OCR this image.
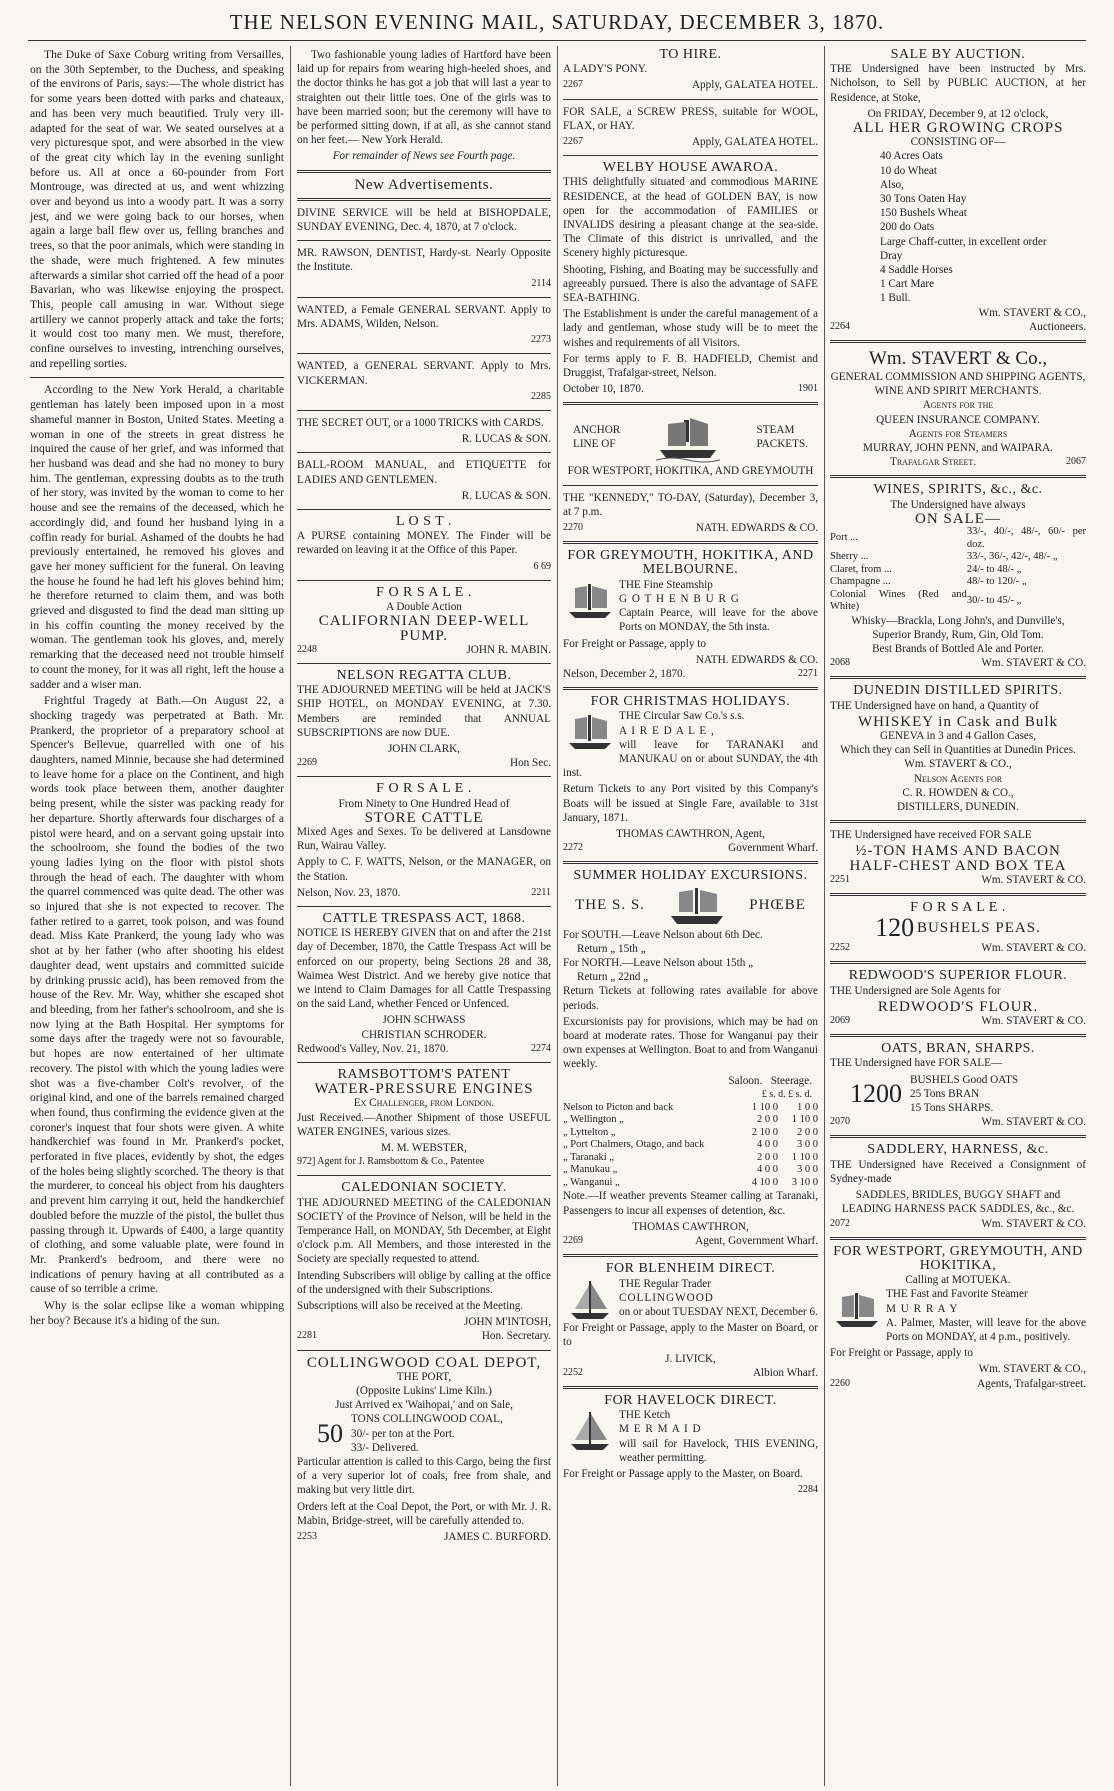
THE NELSON EVENING MAIL, SATURDAY, DECEMBER 3, 1870.

The Duke of Saxe Coburg writing from Versailles, on the 30th September, to the Duchess, and speaking of the environs of Paris, says:—The whole district has for some years been dotted with parks and chateaux, and has been very much beautified. Truly very ill-adapted for the seat of war. We seated ourselves at a very picturesque spot, and were absorbed in the view of the great city which lay in the evening sunlight before us. All at once a 60-pounder from Fort Montrouge, was directed at us, and went whizzing over and beyond us into a woody part. It was a sorry jest, and we were going back to our horses, when again a large ball flew over us, felling branches and trees, so that the poor animals, which were standing in the shade, were much frightened. A few minutes afterwards a similar shot carried off the head of a poor Bavarian, who was likewise enjoying the prospect. This, people call amusing in war. Without siege artillery we cannot properly attack and take the forts; it would cost too many men. We must, therefore, confine ourselves to investing, intrenching ourselves, and repelling sorties.

According to the New York Herald, a charitable gentleman has lately been imposed upon in a most shameful manner in Boston, United States. Meeting a woman in one of the streets in great distress he inquired the cause of her grief, and was informed that her husband was dead and she had no money to bury him. The gentleman, expressing doubts as to the truth of her story, was invited by the woman to come to her house and see the remains of the deceased, which he accordingly did, and found her husband lying in a coffin ready for burial. Ashamed of the doubts he had previously entertained, he removed his gloves and gave her money sufficient for the funeral. On leaving the house he found he had left his gloves behind him; he therefore returned to claim them, and was both grieved and disgusted to find the dead man sitting up in his coffin counting the money received by the woman. The gentleman took his gloves, and, merely remarking that the deceased need not trouble himself to count the money, for it was all right, left the house a sadder and a wiser man.

Frightful Tragedy at Bath.—On August 22, a shocking tragedy was perpetrated at Bath. Mr. Prankerd, the proprietor of a preparatory school at Spencer's Bellevue, quarrelled with one of his daughters, named Minnie, because she had determined to leave home for a place on the Continent, and high words took place between them, another daughter being present, while the sister was packing ready for her departure. Shortly afterwards four discharges of a pistol were heard, and on a servant going upstair into the schoolroom, she found the bodies of the two young ladies lying on the floor with pistol shots through the head of each. The daughter with whom the quarrel commenced was quite dead. The other was so injured that she is not expected to recover. The father retired to a garret, took poison, and was found dead. Miss Kate Prankerd, the young lady who was shot at by her father (who after shooting his eldest daughter dead, went upstairs and committed suicide by drinking prussic acid), has been removed from the house of the Rev. Mr. Way, whither she escaped shot and bleeding, from her father's schoolroom, and she is now lying at the Bath Hospital. Her symptoms for some days after the tragedy were not so favourable, but hopes are now entertained of her ultimate recovery. The pistol with which the young ladies were shot was a five-chamber Colt's revolver, of the original kind, and one of the barrels remained charged when found, thus confirming the evidence given at the coroner's inquest that four shots were given. A white handkerchief was found in Mr. Prankerd's pocket, perforated in five places, evidently by shot, the edges of the holes being slightly scorched. The theory is that the murderer, to conceal his object from his daughters and prevent him carrying it out, held the handkerchief doubled before the muzzle of the pistol, the bullet thus passing through it. Upwards of £400, a large quantity of clothing, and some valuable plate, were found in Mr. Prankerd's bedroom, and there were no indications of penury having at all contributed as a cause of so terrible a crime.

Why is the solar eclipse like a woman whipping her boy? Because it's a hiding of the sun.

Two fashionable young ladies of Hartford have been laid up for repairs from wearing high-heeled shoes, and the doctor thinks he has got a job that will last a year to straighten out their little toes. One of the girls was to have been married soon; but the ceremony will have to be performed sitting down, if at all, as she cannot stand on her feet.— New York Herald.

For remainder of News see Fourth page.
New Advertisements.
DIVINE SERVICE will be held at BISHOPDALE, SUNDAY EVENING, Dec. 4, 1870, at 7 o'clock.
MR. RAWSON, DENTIST, Hardy-st. Nearly Opposite the Institute.
2114
WANTED, a Female GENERAL SERVANT. Apply to Mrs. ADAMS, Wilden, Nelson.
2273
WANTED, a GENERAL SERVANT. Apply to Mrs. VICKERMAN.
2285
THE SECRET OUT, or a 1000 TRICKS with CARDS.
R. LUCAS & SON.
BALL-ROOM MANUAL, and ETIQUETTE for LADIES AND GENTLEMEN.
R. LUCAS & SON.
L O S T .
A PURSE containing MONEY. The Finder will be rewarded on leaving it at the Office of this Paper.
6 69
F O R S A L E .
A Double Action
CALIFORNIAN DEEP-WELL PUMP.
2248	JOHN R. MABIN.
NELSON REGATTA CLUB.
THE ADJOURNED MEETING will be held at JACK'S SHIP HOTEL, on MONDAY EVENING, at 7.30. Members are reminded that ANNUAL SUBSCRIPTIONS are now DUE.
JOHN CLARK,
2269	Hon Sec.
F O R S A L E .
From Ninety to One Hundred Head of
STORE CATTLE
Mixed Ages and Sexes. To be delivered at Lansdowne Run, Wairau Valley.
Apply to C. F. WATTS, Nelson, or the MANAGER, on the Station.
Nelson, Nov. 23, 1870.	2211
CATTLE TRESPASS ACT, 1868.
NOTICE IS HEREBY GIVEN that on and after the 21st day of December, 1870, the Cattle Trespass Act will be enforced on our property, being Sections 28 and 38, Waimea West District. And we hereby give notice that we intend to Claim Damages for all Cattle Trespassing on the said Land, whether Fenced or Unfenced.
JOHN SCHWASS
CHRISTIAN SCHRODER.
Redwood's Valley, Nov. 21, 1870.	2274
RAMSBOTTOM'S PATENT
WATER-PRESSURE ENGINES
Ex Challenger, from London.
Just Received.—Another Shipment of those USEFUL WATER ENGINES, various sizes.
M. M. WEBSTER,
972] Agent for J. Ramsbottom & Co., Patentee
CALEDONIAN SOCIETY.
THE ADJOURNED MEETING of the CALEDONIAN SOCIETY of the Province of Nelson, will be held in the Temperance Hall, on MONDAY, 5th December, at Eight o'clock p.m. All Members, and those interested in the Society are specially requested to attend.
Intending Subscribers will oblige by calling at the office of the undersigned with their Subscriptions.
Subscriptions will also be received at the Meeting.
JOHN M'INTOSH,
2281	Hon. Secretary.
COLLINGWOOD COAL DEPOT,
THE PORT,
(Opposite Lukins' Lime Kiln.)
Just Arrived ex 'Waihopai,' and on Sale,
50 TONS COLLINGWOOD COAL,
30/- per ton at the Port.
33/- Delivered.
Particular attention is called to this Cargo, being the first of a very superior lot of coals, free from shale, and making but very little dirt.
Orders left at the Coal Depot, the Port, or with Mr. J. R. Mabin, Bridge-street, will be carefully attended to.
2253	JAMES C. BURFORD.
TO HIRE.
A LADY'S PONY.
2267	Apply, GALATEA HOTEL.
FOR SALE, a SCREW PRESS, suitable for WOOL, FLAX, or HAY.
2267	Apply, GALATEA HOTEL.
WELBY HOUSE AWAROA.
THIS delightfully situated and commodious MARINE RESIDENCE, at the head of GOLDEN BAY, is now open for the accommodation of FAMILIES or INVALIDS desiring a pleasant change at the sea-side. The Climate of this district is unrivalled, and the Scenery highly picturesque.
Shooting, Fishing, and Boating may be successfully and agreeably pursued. There is also the advantage of SAFE SEA-BATHING.
The Establishment is under the careful management of a lady and gentleman, whose study will be to meet the wishes and requirements of all Visitors.
For terms apply to F. B. HADFIELD, Chemist and Druggist, Trafalgar-street, Nelson.
October 10, 1870.	1901
ANCHOR
LINE OF
STEAM
PACKETS.
FOR WESTPORT, HOKITIKA, AND GREYMOUTH
THE "KENNEDY," TO-DAY, (Saturday), December 3, at 7 p.m.
2270	NATH. EDWARDS & CO.
FOR GREYMOUTH, HOKITIKA, AND MELBOURNE.
THE Fine Steamship
G O T H E N B U R G
Captain Pearce, will leave for the above Ports on MONDAY, the 5th insta.
For Freight or Passage, apply to
NATH. EDWARDS & CO.
Nelson, December 2, 1870.	2271
FOR CHRISTMAS HOLIDAYS.
THE Circular Saw Co.'s s.s.
A I R E D A L E ,
will leave for TARANAKI and MANUKAU on or about SUNDAY, the 4th inst.
Return Tickets to any Port visited by this Company's Boats will be issued at Single Fare, available to 31st January, 1871.
THOMAS CAWTHRON, Agent,
2272	Government Wharf.
SUMMER HOLIDAY EXCURSIONS.
THE S. S.	PHŒBE
For SOUTH.—Leave Nelson about 6th Dec.
Return „ 15th „
For NORTH.—Leave Nelson about 15th „
Return „ 22nd „
Return Tickets at following rates available for above periods.
Excursionists pay for provisions, which may be had on board at moderate rates. Those for Wanganui pay their own expenses at Wellington. Boat to and from Wanganui weekly.
Saloon. Steerage.
£ s. d. £ s. d.
Nelson to Picton and back	1 10 0	1 0 0
„ Wellington „	2 0 0	1 10 0
„ Lyttelton „	2 10 0	2 0 0
„ Port Chalmers, Otago, and back	4 0 0	3 0 0
„ Taranaki „	2 0 0	1 10 0
„ Manukau „	4 0 0	3 0 0
„ Wanganui „	4 10 0	3 10 0
Note.—If weather prevents Steamer calling at Taranaki, Passengers to incur all expenses of detention, &c.
THOMAS CAWTHRON,
2269	Agent, Government Wharf.
FOR BLENHEIM DIRECT.
THE Regular Trader
COLLINGWOOD
on or about TUESDAY NEXT, December 6.
For Freight or Passage, apply to the Master on Board, or to
J. LIVICK,
2252	Albion Wharf.
FOR HAVELOCK DIRECT.
THE Ketch
M E R M A I D
will sail for Havelock, THIS EVENING, weather permitting.
For Freight or Passage apply to the Master, on Board.
2284
SALE BY AUCTION.
THE Undersigned have been instructed by Mrs. Nicholson, to Sell by PUBLIC AUCTION, at her Residence, at Stoke,
On FRIDAY, December 9, at 12 o'clock,
ALL HER GROWING CROPS
CONSISTING OF—
40 Acres Oats
10 do Wheat
Also,
30 Tons Oaten Hay
150 Bushels Wheat
200 do Oats
Large Chaff-cutter, in excellent order
Dray
4 Saddle Horses
1 Cart Mare
1 Bull.
Wm. STAVERT & CO.,
2264	Auctioneers.
Wm. STAVERT & Co.,
GENERAL COMMISSION AND SHIPPING AGENTS,
WINE AND SPIRIT MERCHANTS.
Agents for the
QUEEN INSURANCE COMPANY.
Agents for Steamers
MURRAY, JOHN PENN, and WAIPARA.
Trafalgar Street.	2067
WINES, SPIRITS, &c., &c.
The Undersigned have always
ON SALE—
Port ...	33/-, 40/-, 48/-, 60/- per doz.
Sherry ...	33/-, 36/-, 42/-, 48/- „
Claret, from ...	24/- to 48/- „
Champagne ...	48/- to 120/- „
Colonial Wines (Red and White)	30/- to 45/- „
Whisky—Brackla, Long John's, and Dunville's,
Superior Brandy, Rum, Gin, Old Tom.
Best Brands of Bottled Ale and Porter.
2068	Wm. STAVERT & CO.
DUNEDIN DISTILLED SPIRITS.
THE Undersigned have on hand, a Quantity of
WHISKEY in Cask and Bulk
GENEVA in 3 and 4 Gallon Cases,
Which they can Sell in Quantities at Dunedin Prices.
Wm. STAVERT & CO.,
Nelson Agents for
C. R. HOWDEN & CO.,
DISTILLERS, DUNEDIN.
THE Undersigned have received FOR SALE
½-TON HAMS AND BACON
HALF-CHEST AND BOX TEA
2251	Wm. STAVERT & CO.
F O R S A L E .
120 BUSHELS PEAS.
2252	Wm. STAVERT & CO.
REDWOOD'S SUPERIOR FLOUR.
THE Undersigned are Sole Agents for
REDWOOD'S FLOUR.
2069	Wm. STAVERT & CO.
OATS, BRAN, SHARPS.
THE Undersigned have FOR SALE—
1200 BUSHELS Good OATS
25 Tons BRAN
15 Tons SHARPS.
2070	Wm. STAVERT & CO.
SADDLERY, HARNESS, &c.
THE Undersigned have Received a Consignment of Sydney-made
SADDLES, BRIDLES, BUGGY SHAFT and LEADING HARNESS PACK SADDLES, &c., &c.
2072	Wm. STAVERT & CO.
FOR WESTPORT, GREYMOUTH, AND HOKITIKA,
Calling at MOTUEKA.
THE Fast and Favorite Steamer
M U R R A Y
A. Palmer, Master, will leave for the above Ports on MONDAY, at 4 p.m., positively.
For Freight or Passage, apply to
Wm. STAVERT & CO.,
2260	Agents, Trafalgar-street.
